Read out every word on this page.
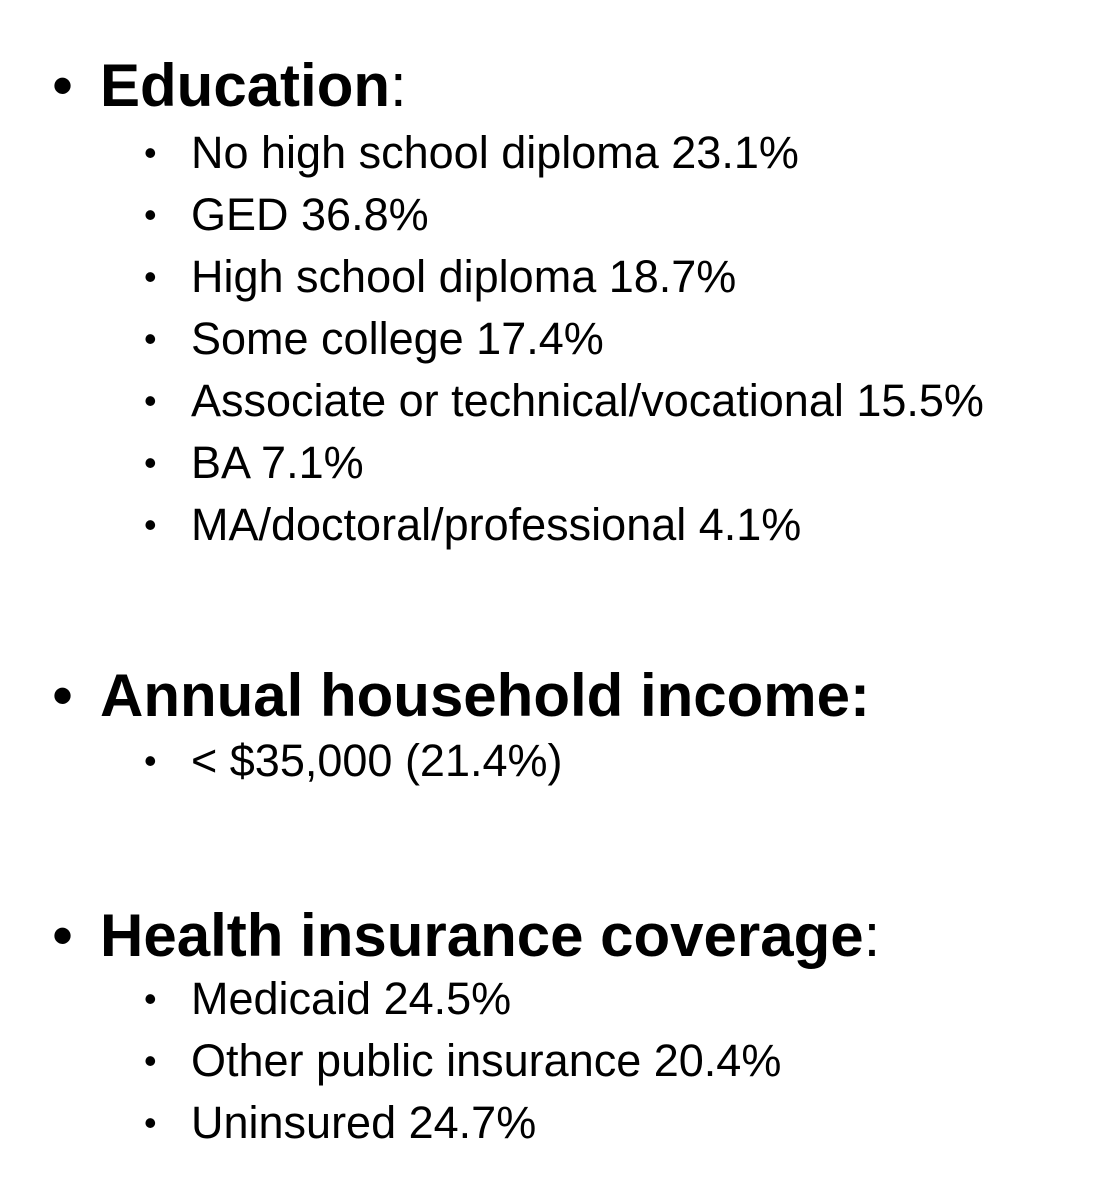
• Education:
• No high school diploma 23.1%
• GED 36.8%
• High school diploma 18.7%
• Some college 17.4%
• Associate or technical/vocational 15.5%
• BA 7.1%
• MA/doctoral/professional 4.1%
• Annual household income:
• < $35,000 (21.4%)
• Health insurance coverage:
• Medicaid 24.5%
• Other public insurance 20.4%
• Uninsured 24.7%
